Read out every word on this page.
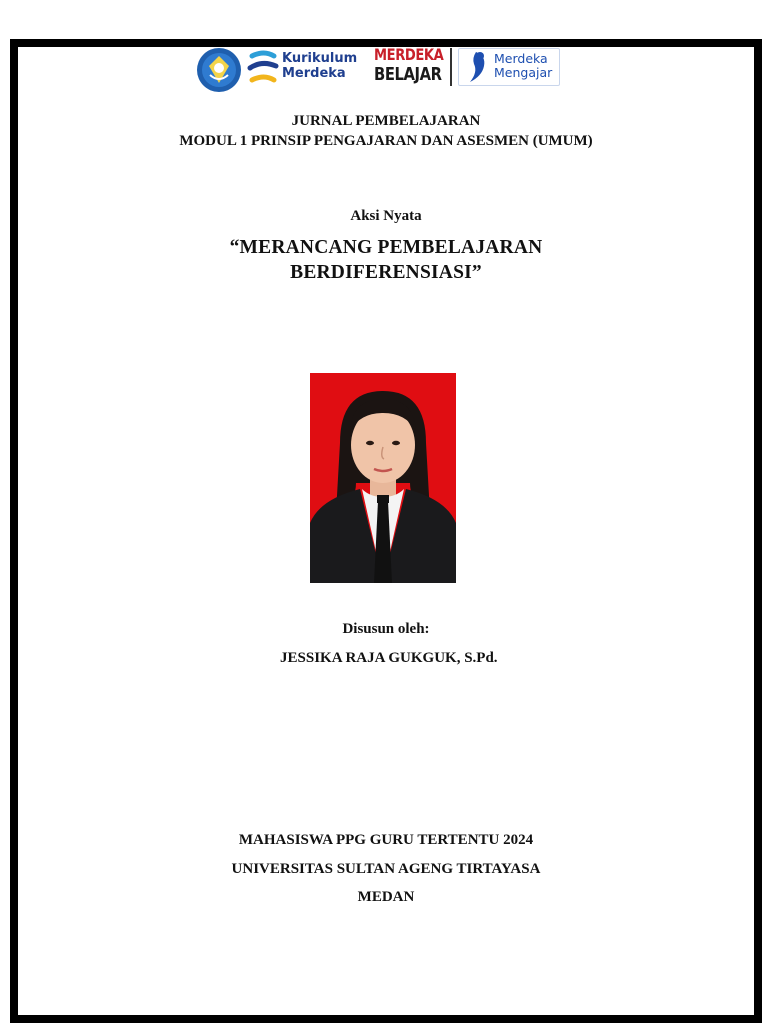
Kurikulum
Merdeka
MERDEKA
BELAJAR
Merdeka
Mengajar
JURNAL PEMBELAJARAN
MODUL 1 PRINSIP PENGAJARAN DAN ASESMEN (UMUM)
Aksi Nyata
“MERANCANG PEMBELAJARAN
BERDIFERENSIASI”
Disusun oleh:
JESSIKA RAJA GUKGUK, S.Pd.
MAHASISWA PPG GURU TERTENTU 2024
UNIVERSITAS SULTAN AGENG TIRTAYASA
MEDAN
